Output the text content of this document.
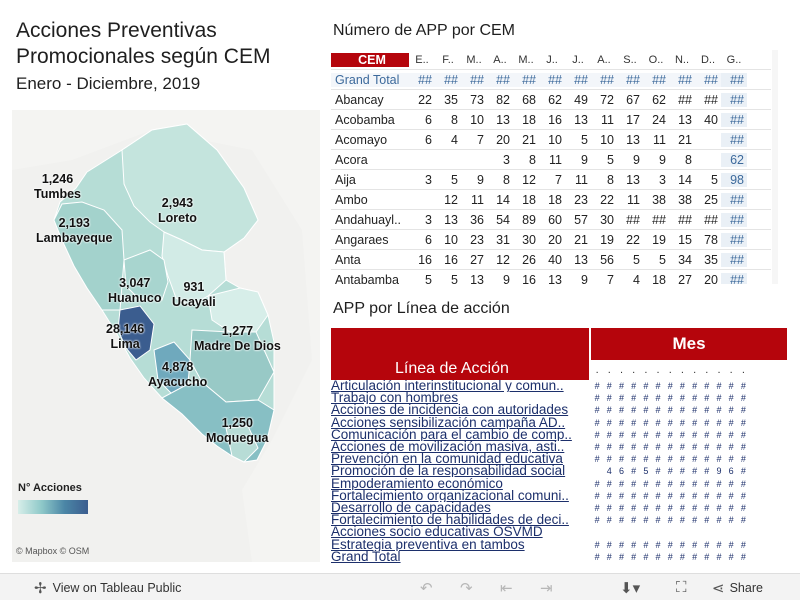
Acciones Preventivas
Promocionales según CEM
Enero - Diciembre, 2019
1,246
Tumbes
2,193
Lambayeque
2,943
Loreto
3,047
Huanuco
931
Ucayali
28,146
Lima
1,277
Madre De Dios
4,878
Ayacucho
1,250
Moquegua
N° Acciones
© Mapbox © OSM
Número de APP por CEM
CEM	E..	F..	M..	A..	M..	J..	J..	A..	S..	O..	N..	D..	G..
Grand Total	## ## ## ## ## ## ## ## ## ## ## ## ##
Abancay	22 35 73 82 68 62 49 72 67 62 ## ## ##
Acobamba	6	8 10 13 18 16 13	11 17 24 13 40 ##
Acomayo	6	4	7 20 21 10	5 10 13	11 21	##
Acora	3	8	11	9	5	9	9	8	62
Aija	3	5	9	8 12	7	11	8 13	3 14	5 98
Ambo	12	11 14 18 18 23 22	11 38 38 25 ##
Andahuayl..	3 13 36 54 89 60 57 30 ## ## ## ## ##
Angaraes	6 10 23 31 30 20 21 19 22 19 15 78 ##
Anta	16 16 27 12 26 40 13 56	5	5 34 35 ##
Antabamba	5	5 13	9 16 13	9	7	4 18 27 20 ##
APP por Línea de acción
Línea de Acción
Mes
. . . . . . . . . . . . .
Articulación interinstitucional y comun..	# # # # # # # # # # # # #
Trabajo con hombres	# # # # # # # # # # # # #
Acciones de incidencia con autoridades	# # # # # # # # # # # # #
Acciones sensibilización campaña AD..	# # # # # # # # # # # # #
Comunicación para el cambio de comp..	# # # # # # # # # # # # #
Acciones de movilización masiva, asti..	# # # # # # # # # # # # #
Prevención en la comunidad educativa	# # # # # # # # # # # # #
Promoción de la responsabilidad social	4 6 # 5 # # # # # 9 6 #
Empoderamiento económico	# # # # # # # # # # # # #
Fortalecimiento organizacional comuni..	# # # # # # # # # # # # #
Desarrollo de capacidades	# # # # # # # # # # # # #
Fortalecimiento de habilidades de deci..	# # # # # # # # # # # # #
Acciones socio educativas OSVMD
Estrategia preventiva en tambos	# # # # # # # # # # # # #
Grand Total	# # # # # # # # # # # # #
✢ View on Tableau Public	↶ ↷ ⇤ ⇥	⬇▾ ⛶ ⋖ Share
